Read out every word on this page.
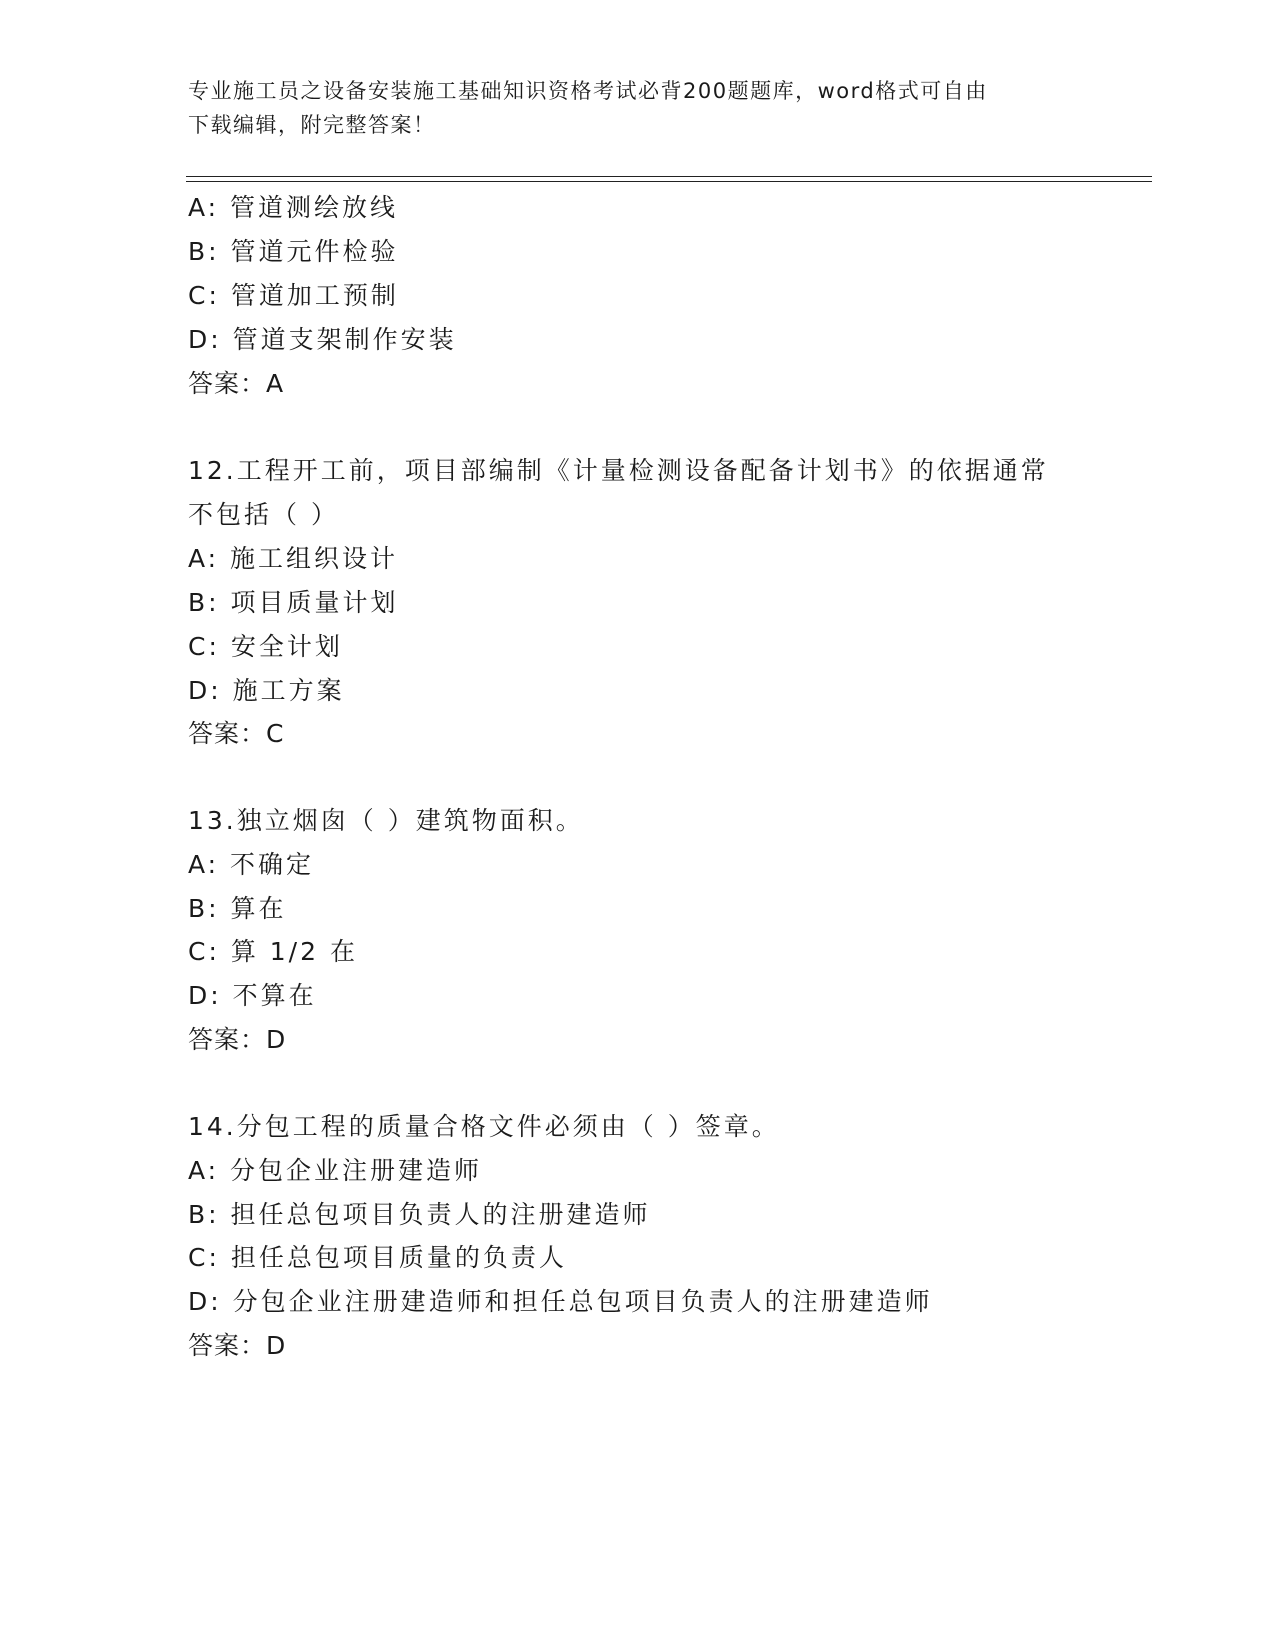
专业施工员之设备安装施工基础知识资格考试必背200题题库，word格式可自由
下载编辑，附完整答案！
A: 管道测绘放线
B: 管道元件检验
C: 管道加工预制
D: 管道支架制作安装
答案：A
12.工程开工前，项目部编制《计量检测设备配备计划书》的依据通常
不包括（ ）
A: 施工组织设计
B: 项目质量计划
C: 安全计划
D: 施工方案
答案：C
13.独立烟囱（ ）建筑物面积。
A: 不确定
B: 算在
C: 算 1/2 在
D: 不算在
答案：D
14.分包工程的质量合格文件必须由（ ）签章。
A: 分包企业注册建造师
B: 担任总包项目负责人的注册建造师
C: 担任总包项目质量的负责人
D: 分包企业注册建造师和担任总包项目负责人的注册建造师
答案：D
